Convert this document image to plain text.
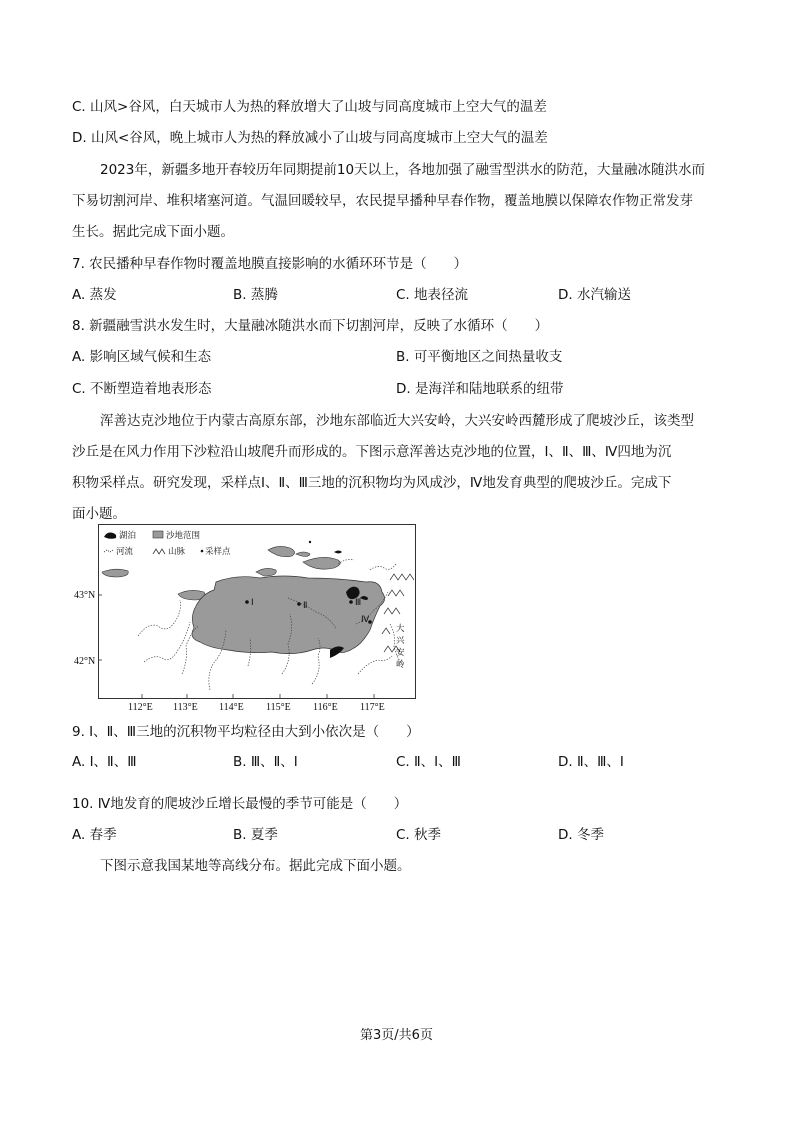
C. 山风>谷风，白天城市人为热的释放增大了山坡与同高度城市上空大气的温差
D. 山风<谷风，晚上城市人为热的释放减小了山坡与同高度城市上空大气的温差
2023年，新疆多地开春较历年同期提前10天以上，各地加强了融雪型洪水的防范，大量融冰随洪水而
下易切割河岸、堆积堵塞河道。气温回暖较早，农民提早播种早春作物，覆盖地膜以保障农作物正常发芽
生长。据此完成下面小题。
7. 农民播种早春作物时覆盖地膜直接影响的水循环环节是（　　）
A. 蒸发	B. 蒸腾	C. 地表径流	D. 水汽输送
8. 新疆融雪洪水发生时，大量融冰随洪水而下切割河岸，反映了水循环（　　）
A. 影响区域气候和生态	B. 可平衡地区之间热量收支
C. 不断塑造着地表形态	D. 是海洋和陆地联系的纽带
浑善达克沙地位于内蒙古高原东部，沙地东部临近大兴安岭，大兴安岭西麓形成了爬坡沙丘，该类型
沙丘是在风力作用下沙粒沿山坡爬升而形成的。下图示意浑善达克沙地的位置，Ⅰ、Ⅱ、Ⅲ、Ⅳ四地为沉
积物采样点。研究发现，采样点Ⅰ、Ⅱ、Ⅲ三地的沉积物均为风成沙，Ⅳ地发育典型的爬坡沙丘。完成下
面小题。
湖泊	沙地范围
河流	山脉 采样点
Ⅰ	Ⅱ	Ⅲ
Ⅳ
大
兴
安
岭
43°N
42°N
112°E 113°E 114°E 115°E 116°E 117°E
9. Ⅰ、Ⅱ、Ⅲ三地的沉积物平均粒径由大到小依次是（　　）
A. Ⅰ、Ⅱ、Ⅲ	B. Ⅲ、Ⅱ、Ⅰ	C. Ⅱ、Ⅰ、Ⅲ	D. Ⅱ、Ⅲ、Ⅰ
10. Ⅳ地发育的爬坡沙丘增长最慢的季节可能是（　　）
A. 春季	B. 夏季	C. 秋季	D. 冬季
下图示意我国某地等高线分布。据此完成下面小题。
第3页/共6页
